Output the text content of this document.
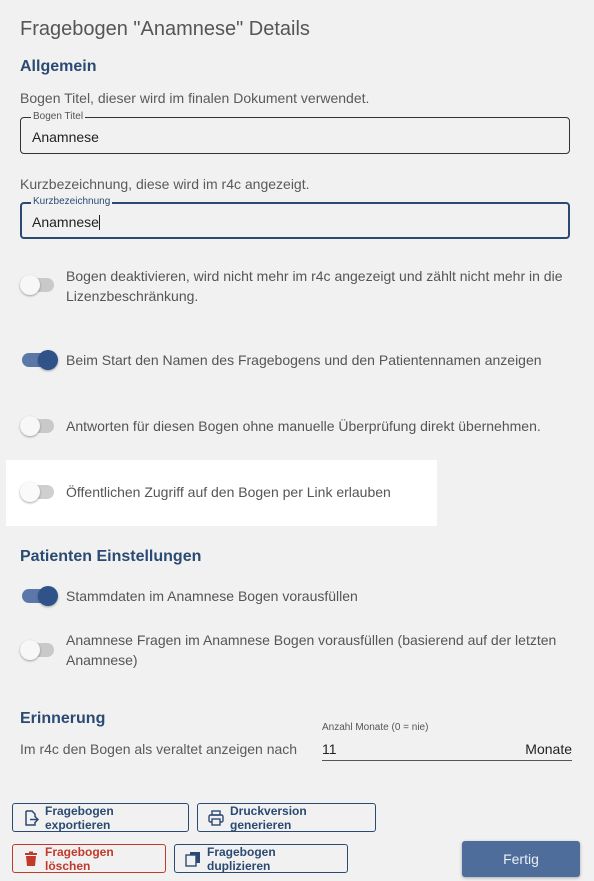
Fragebogen "Anamnese" Details
Allgemein
Bogen Titel, dieser wird im finalen Dokument verwendet.
Bogen Titel
Anamnese
Kurzbezeichnung, diese wird im r4c angezeigt.
Kurzbezeichnung
Anamnese
Bogen deaktivieren, wird nicht mehr im r4c angezeigt und zählt nicht mehr in die Lizenzbeschränkung.
Beim Start den Namen des Fragebogens und den Patientennamen anzeigen
Antworten für diesen Bogen ohne manuelle Überprüfung direkt übernehmen.
Öffentlichen Zugriff auf den Bogen per Link erlauben
Patienten Einstellungen
Stammdaten im Anamnese Bogen vorausfüllen
Anamnese Fragen im Anamnese Bogen vorausfüllen (basierend auf der letzten Anamnese)
Erinnerung
Im r4c den Bogen als veraltet anzeigen nach
Anzahl Monate (0 = nie)
11	Monate
Fragebogen exportieren
Druckversion generieren
Fragebogen löschen
Fragebogen duplizieren	Fertig
